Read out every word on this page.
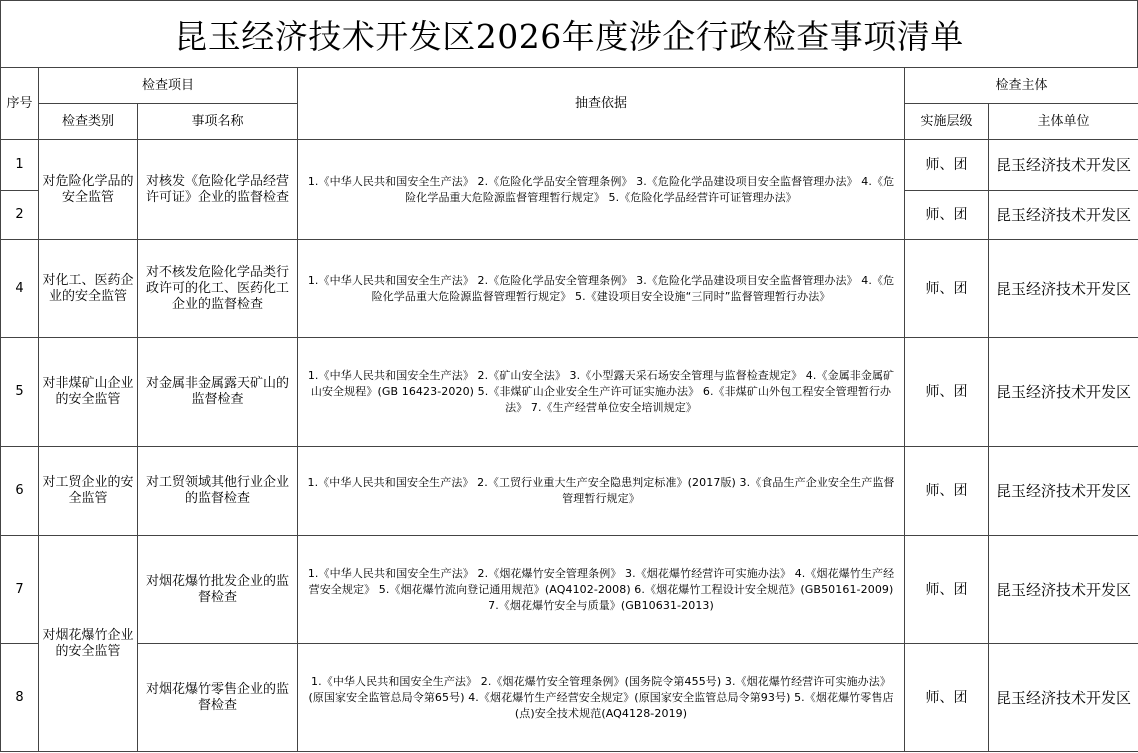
昆玉经济技术开发区2026年度涉企行政检查事项清单
序号	检查项目		抽查依据	检查主体	
	检查类别	事项名称		实施层级	主体单位
1	对危险化学品的安全监管	对核发《危险化学品经营许可证》企业的监督检查	1.《中华人民共和国安全生产法》 2.《危险化学品安全管理条例》 3.《危险化学品建设项目安全监督管理办法》 4.《危险化学品重大危险源监督管理暂行规定》 5.《危险化学品经营许可证管理办法》	师、团	昆玉经济技术开发区
2				师、团	昆玉经济技术开发区
4	对化工、医药企业的安全监管	对不核发危险化学品类行政许可的化工、医药化工企业的监督检查	1.《中华人民共和国安全生产法》 2.《危险化学品安全管理条例》 3.《危险化学品建设项目安全监督管理办法》 4.《危险化学品重大危险源监督管理暂行规定》 5.《建设项目安全设施“三同时”监督管理暂行办法》	师、团	昆玉经济技术开发区
5	对非煤矿山企业的安全监管	对金属非金属露天矿山的监督检查	1.《中华人民共和国安全生产法》 2.《矿山安全法》 3.《小型露天采石场安全管理与监督检查规定》 4.《金属非金属矿山安全规程》(GB 16423-2020) 5.《非煤矿山企业安全生产许可证实施办法》 6.《非煤矿山外包工程安全管理暂行办法》 7.《生产经营单位安全培训规定》	师、团	昆玉经济技术开发区
6	对工贸企业的安全监管	对工贸领域其他行业企业的监督检查	1.《中华人民共和国安全生产法》 2.《工贸行业重大生产安全隐患判定标准》(2017版) 3.《食品生产企业安全生产监督管理暂行规定》	师、团	昆玉经济技术开发区
7	对烟花爆竹企业的安全监管	对烟花爆竹批发企业的监督检查	1.《中华人民共和国安全生产法》 2.《烟花爆竹安全管理条例》 3.《烟花爆竹经营许可实施办法》 4.《烟花爆竹生产经营安全规定》 5.《烟花爆竹流向登记通用规范》(AQ4102-2008) 6.《烟花爆竹工程设计安全规范》(GB50161-2009) 7.《烟花爆竹安全与质量》(GB10631-2013)	师、团	昆玉经济技术开发区
8		对烟花爆竹零售企业的监督检查	1.《中华人民共和国安全生产法》 2.《烟花爆竹安全管理条例》(国务院令第455号) 3.《烟花爆竹经营许可实施办法》(原国家安全监管总局令第65号) 4.《烟花爆竹生产经营安全规定》(原国家安全监管总局令第93号) 5.《烟花爆竹零售店(点)安全技术规范(AQ4128-2019)	师、团	昆玉经济技术开发区
